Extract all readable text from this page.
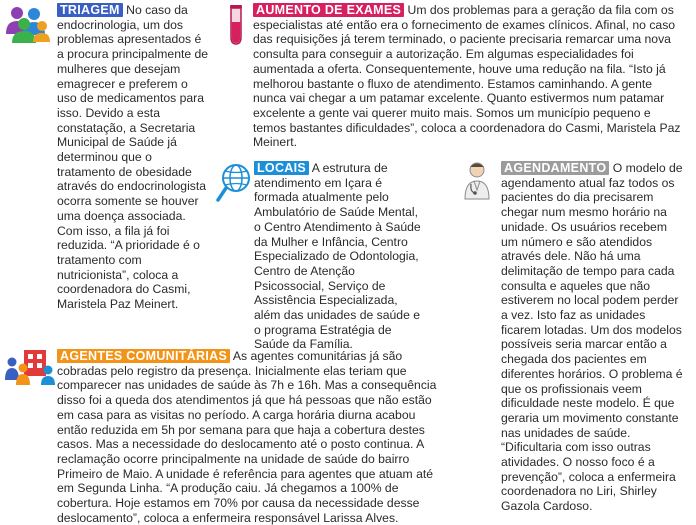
TRIAGEM No caso da endocrinologia, um dos problemas apresentados é a procura principalmente de mulheres que desejam emagrecer e preferem o uso de medicamentos para isso. Devido a esta constatação, a Secretaria Municipal de Saúde já determinou que o tratamento de obesidade através do endocrinologista ocorra somente se houver uma doença associada. Com isso, a fila já foi reduzida. “A prioridade é o tratamento com nutricionista”, coloca a coordenadora do Casmi, Maristela Paz Meinert.

AUMENTO DE EXAMES Um dos problemas para a geração da fila com os especialistas até então era o fornecimento de exames clínicos. Afinal, no caso das requisições já terem terminado, o paciente precisaria remarcar uma nova consulta para conseguir a autorização. Em algumas especialidades foi aumentada a oferta. Consequentemente, houve uma redução na fila. “Isto já melhorou bastante o fluxo de atendimento. Estamos caminhando. A gente nunca vai chegar a um patamar excelente. Quanto estivermos num patamar excelente a gente vai querer muito mais. Somos um município pequeno e temos bastantes dificuldades”, coloca a coordenadora do Casmi, Maristela Paz Meinert.

LOCAIS A estrutura de atendimento em Içara é formada atualmente pelo Ambulatório de Saúde Mental, o Centro Atendimento à Saúde da Mulher e Infância, Centro Especializado de Odontologia, Centro de Atenção Psicossocial, Serviço de Assistência Especializada, além das unidades de saúde e o programa Estratégia de Saúde da Família.

AGENDAMENTO O modelo de agendamento atual faz todos os pacientes do dia precisarem chegar num mesmo horário na unidade. Os usuários recebem um número e são atendidos através dele. Não há uma delimitação de tempo para cada consulta e aqueles que não estiverem no local podem perder a vez. Isto faz as unidades ficarem lotadas. Um dos modelos possíveis seria marcar então a chegada dos pacientes em diferentes horários. O problema é que os profissionais veem dificuldade neste modelo. É que geraria um movimento constante nas unidades de saúde. “Dificultaria com isso outras atividades. O nosso foco é a prevenção”, coloca a enfermeira coordenadora no Liri, Shirley Gazola Cardoso.

AGENTES COMUNITÁRIAS As agentes comunitárias já são cobradas pelo registro da presença. Inicialmente elas teriam que comparecer nas unidades de saúde às 7h e 16h. Mas a consequência disso foi a queda dos atendimentos já que há pessoas que não estão em casa para as visitas no período. A carga horária diurna acabou então reduzida em 5h por semana para que haja a cobertura destes casos. Mas a necessidade do deslocamento até o posto continua. A reclamação ocorre principalmente na unidade de saúde do bairro Primeiro de Maio. A unidade é referência para agentes que atuam até em Segunda Linha. “A produção caiu. Já chegamos a 100% de cobertura. Hoje estamos em 70% por causa da necessidade desse deslocamento”, coloca a enfermeira responsável Larissa Alves.
